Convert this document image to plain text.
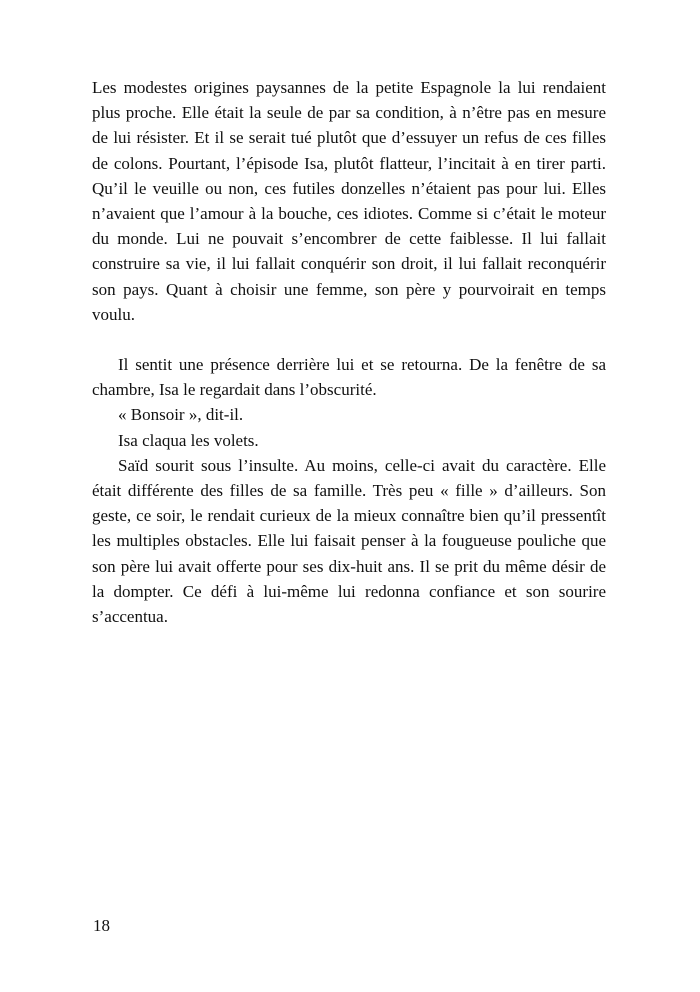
Les modestes origines paysannes de la petite Espagnole la lui rendaient plus proche. Elle était la seule de par sa condition, à n’être pas en mesure de lui résister. Et il se serait tué plutôt que d’essuyer un refus de ces filles de colons. Pourtant, l’épisode Isa, plutôt flatteur, l’incitait à en tirer parti. Qu’il le veuille ou non, ces futiles donzelles n’étaient pas pour lui. Elles n’avaient que l’amour à la bouche, ces idiotes. Comme si c’était le moteur du monde. Lui ne pouvait s’encombrer de cette faiblesse. Il lui fallait construire sa vie, il lui fallait conquérir son droit, il lui fallait reconquérir son pays. Quant à choisir une femme, son père y pourvoirait en temps voulu.

Il sentit une présence derrière lui et se retourna. De la fenêtre de sa chambre, Isa le regardait dans l’obscurité.

« Bonsoir », dit-il.

Isa claqua les volets.

Saïd sourit sous l’insulte. Au moins, celle-ci avait du caractère. Elle était différente des filles de sa famille. Très peu « fille » d’ailleurs. Son geste, ce soir, le rendait curieux de la mieux connaître bien qu’il pressentît les multiples obstacles. Elle lui faisait penser à la fougueuse pouliche que son père lui avait offerte pour ses dix-huit ans. Il se prit du même désir de la dompter. Ce défi à lui-même lui redonna confiance et son sourire s’accentua.

18
